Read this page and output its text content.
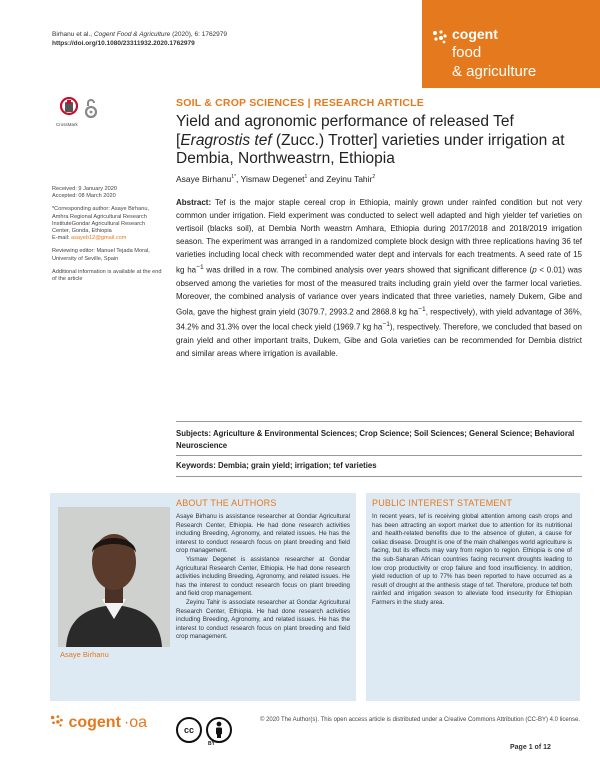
Birhanu et al., Cogent Food & Agriculture (2020), 6: 1762979
https://doi.org/10.1080/23311932.2020.1762979
cogent
food
& agriculture
CrossMark
SOIL & CROP SCIENCES | RESEARCH ARTICLE
Yield and agronomic performance of released Tef [Eragrostis tef (Zucc.) Trotter] varieties under irrigation at Dembia, Northweastrn, Ethiopia
Asaye Birhanu$^{1*}$, Yismaw Degenet$^1$ and Zeyinu Tahir$^2$

Received: 9 January 2020
Accepted: 08 March 2020

*Corresponding author: Asaye Birhanu, Amhra Regional Agricultural Research InstituteGondar Agricultural Research Center, Gonda, Ethiopia
E-mail: asayeb12@gmail.com

Reviewing editor: Manuel Tejada Moral, University of Seville, Spain

Additional information is available at the end of the article

Abstract: Tef is the major staple cereal crop in Ethiopia, mainly grown under rainfed condition but not very common under irrigation. Field experiment was conducted to select well adapted and high yielder tef varieties on vertisoil (blacks soil), at Dembia North weastrn Amhara, Ethiopia during 2017/2018 and 2018/2019 irrigation season. The experiment was arranged in a randomized complete block design with three replications having 36 tef varieties including local check with recommended water dept and intervals for each treatments. A seed rate of 15 kg $ha^{-1}$ was drilled in a row. The combined analysis over years showed that significant difference (p < 0.01) was observed among the varieties for most of the measured traits including grain yield over the farmer local varieties. Moreover, the combined analysis of variance over years indicated that three varieties, namely Dukem, Gibe and Gola, gave the highest grain yield (3079.7, 2993.2 and 2868.8 kg $ha^{-1}$, respectively), with yield advantage of 36%, 34.2% and 31.3% over the local check yield (1969.7 kg $ha^{-1}$), respectively. Therefore, we concluded that based on grain yield and other important traits, Dukem, Gibe and Gola varieties can be recommended for Dembia district and similar areas where irrigation is available.
Subjects: Agriculture & Environmental Sciences; Crop Science; Soil Sciences; General Science; Behavioral Neuroscience
Keywords: Dembia; grain yield; irrigation; tef varieties
ABOUT THE AUTHORS
Asaye Birhanu is assistance researcher at Gondar Agricultural Research Center, Ethiopia. He had done research activities including Breeding, Agronomy, and related issues. He has the interest to conduct research focus on plant breeding and field crop management.
Yismaw Degenet is assistance researcher at Gondar Agricultural Research Center, Ethiopia. He had done research activities including Breeding, Agronomy, and related issues. He has the interest to conduct research focus on plant breeding and field crop management.
Zeyinu Tahir is associate researcher at Gondar Agricultural Research Center, Ethiopia. He had done research activities including Breeding, Agronomy, and related issues. He has the interest to conduct research focus on plant breeding and field crop management.
Asaye Birhanu
PUBLIC INTEREST STATEMENT
In recent years, tef is receiving global attention among cash crops and has been attracting an export market due to attention for its nutritional and health-related benefits due to the absence of gluten, a cause for celiac disease. Drought is one of the main challenges world agriculture is facing, but its effects may vary from region to region. Ethiopia is one of the sub-Saharan African countries facing recurrent droughts leading to low crop productivity or crop failure and food insufficiency. In addition, yield reduction of up to 77% has been reported to have occurred as a result of drought at the anthesis stage of tef. Therefore, produce tef both rainfed and irrigation season to alleviate food insecurity for Ethiopian Farmers in the study area.
cogent ·oa	cc
BY
© 2020 The Author(s). This open access article is distributed under a Creative Commons Attribution (CC-BY) 4.0 license.
Page 1 of 12
